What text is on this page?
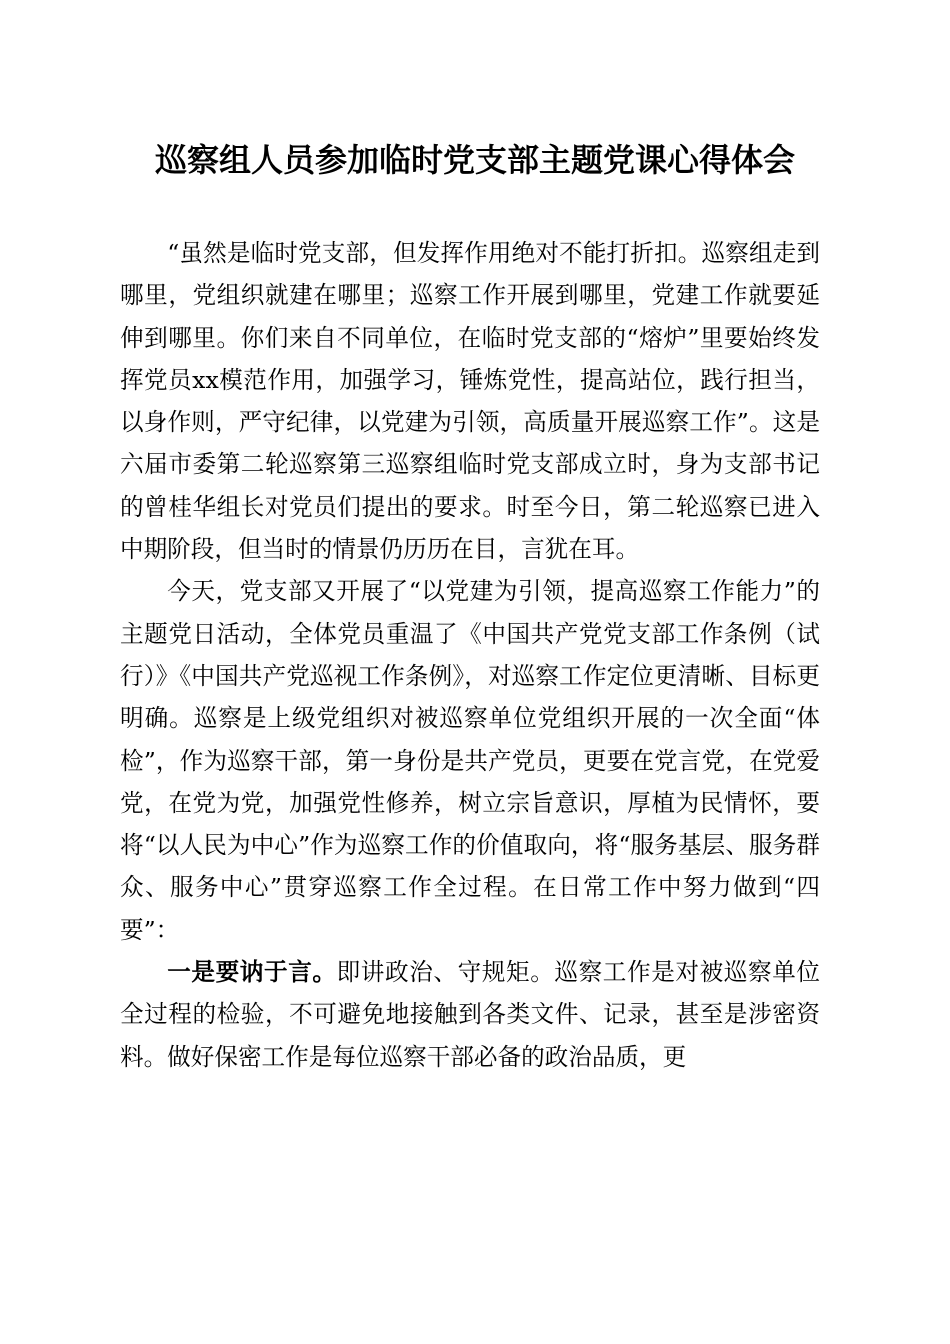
巡察组人员参加临时党支部主题党课心得体会

“虽然是临时党支部，但发挥作用绝对不能打折扣。巡察组走到哪里，党组织就建在哪里；巡察工作开展到哪里，党建工作就要延伸到哪里。你们来自不同单位，在临时党支部的“熔炉”里要始终发挥党员xx模范作用，加强学习，锤炼党性，提高站位，践行担当，以身作则，严守纪律，以党建为引领，高质量开展巡察工作”。这是六届市委第二轮巡察第三巡察组临时党支部成立时，身为支部书记的曾桂华组长对党员们提出的要求。时至今日，第二轮巡察已进入中期阶段，但当时的情景仍历历在目，言犹在耳。

今天，党支部又开展了“以党建为引领，提高巡察工作能力”的主题党日活动，全体党员重温了《中国共产党党支部工作条例（试行）》《中国共产党巡视工作条例》，对巡察工作定位更清晰、目标更明确。巡察是上级党组织对被巡察单位党组织开展的一次全面“体检”，作为巡察干部，第一身份是共产党员，更要在党言党，在党爱党，在党为党，加强党性修养，树立宗旨意识，厚植为民情怀，要将“以人民为中心”作为巡察工作的价值取向，将“服务基层、服务群众、服务中心”贯穿巡察工作全过程。在日常工作中努力做到“四要”：

一是要讷于言。即讲政治、守规矩。巡察工作是对被巡察单位全过程的检验，不可避免地接触到各类文件、记录，甚至是涉密资料。做好保密工作是每位巡察干部必备的政治品质，更
